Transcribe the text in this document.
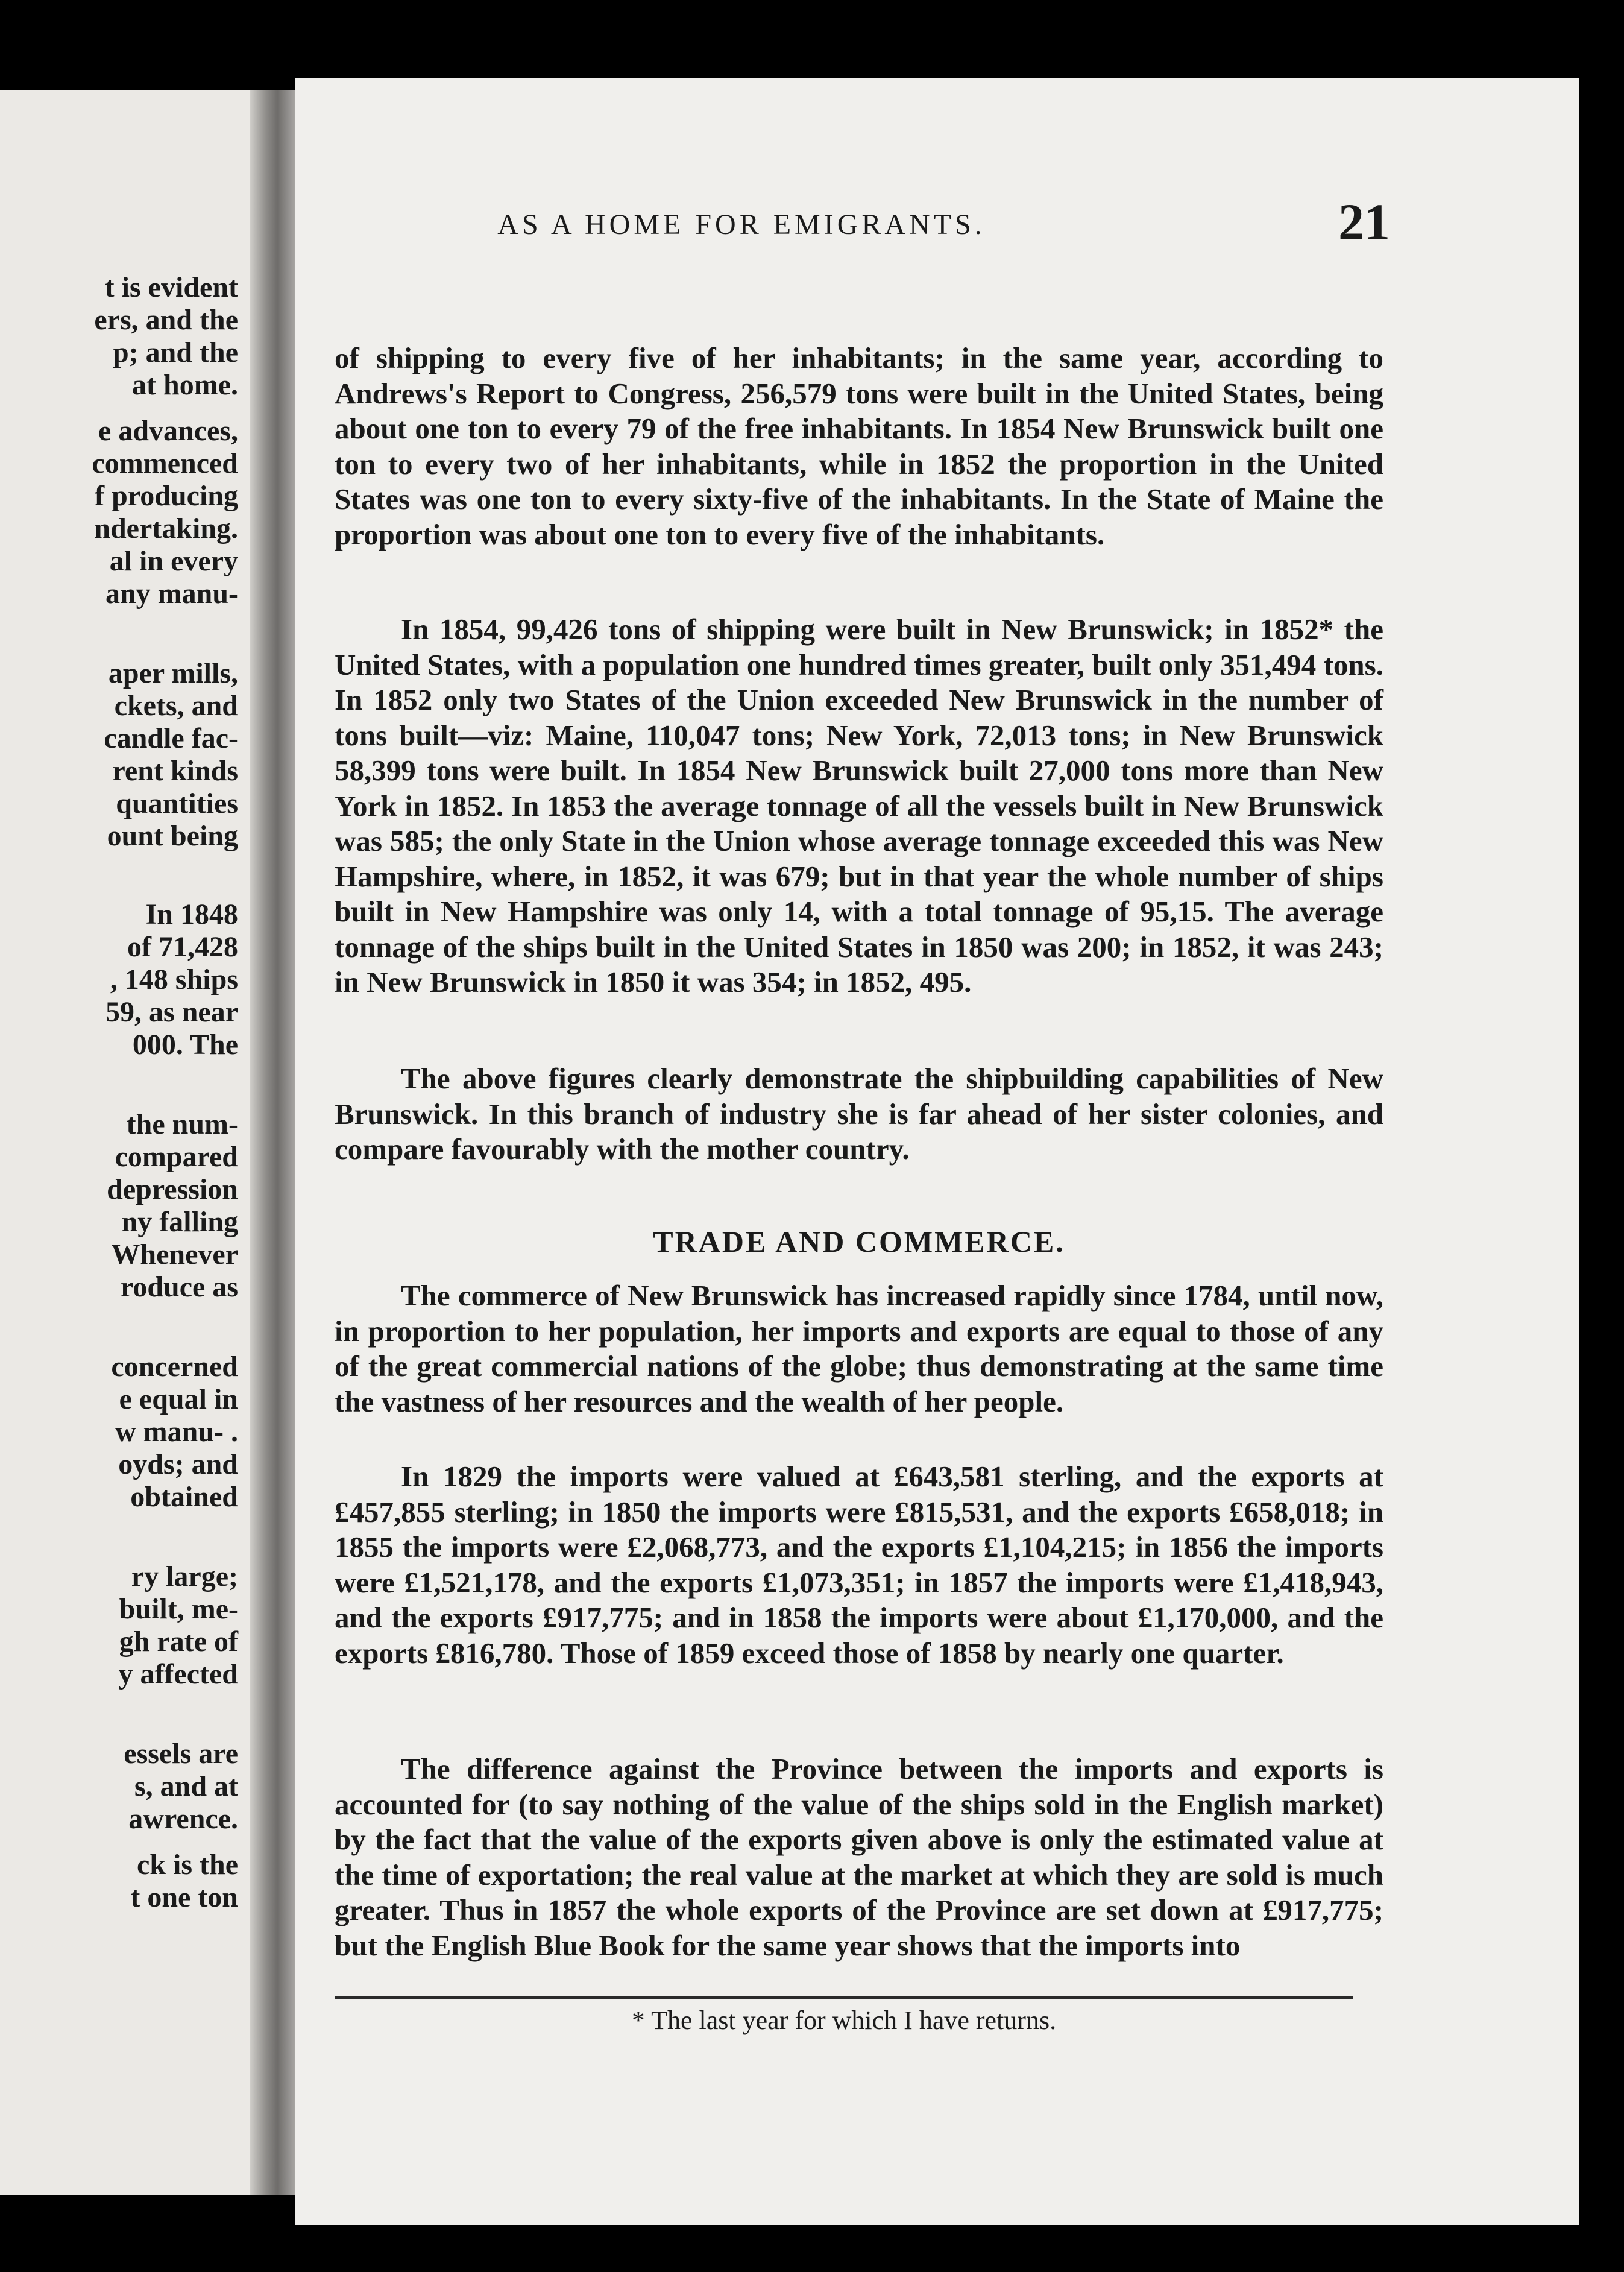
t is evident
ers, and the
p; and the
at home.
e advances,
commenced
f producing
ndertaking.
al in every
any manu-
aper mills,
ckets, and
candle fac-
rent kinds
quantities
ount being
In 1848
of 71,428
, 148 ships
59, as near
000. The
the num-
compared
depression
ny falling
Whenever
roduce as
concerned
e equal in
w manu- .
oyds; and
obtained
ry large;
built, me-
gh rate of
y affected
essels are
s, and at
awrence.
ck is the
t one ton
AS A HOME FOR EMIGRANTS.	21

of shipping to every five of her inhabitants; in the same year, according to Andrews's Report to Congress, 256,579 tons were built in the United States, being about one ton to every 79 of the free inhabitants. In 1854 New Brunswick built one ton to every two of her inhabitants, while in 1852 the proportion in the United States was one ton to every sixty-five of the inhabitants. In the State of Maine the proportion was about one ton to every five of the inhabitants.

In 1854, 99,426 tons of shipping were built in New Brunswick; in 1852* the United States, with a population one hundred times greater, built only 351,494 tons. In 1852 only two States of the Union exceeded New Brunswick in the number of tons built—viz: Maine, 110,047 tons; New York, 72,013 tons; in New Brunswick 58,399 tons were built. In 1854 New Brunswick built 27,000 tons more than New York in 1852. In 1853 the average tonnage of all the vessels built in New Brunswick was 585; the only State in the Union whose average tonnage exceeded this was New Hampshire, where, in 1852, it was 679; but in that year the whole number of ships built in New Hampshire was only 14, with a total tonnage of 95,15. The average tonnage of the ships built in the United States in 1850 was 200; in 1852, it was 243; in New Brunswick in 1850 it was 354; in 1852, 495.

The above figures clearly demonstrate the shipbuilding capabilities of New Brunswick. In this branch of industry she is far ahead of her sister colonies, and compare favourably with the mother country.

TRADE AND COMMERCE.

The commerce of New Brunswick has increased rapidly since 1784, until now, in proportion to her population, her imports and exports are equal to those of any of the great commercial nations of the globe; thus demonstrating at the same time the vastness of her resources and the wealth of her people.

In 1829 the imports were valued at £643,581 sterling, and the exports at £457,855 sterling; in 1850 the imports were £815,531, and the exports £658,018; in 1855 the imports were £2,068,773, and the exports £1,104,215; in 1856 the imports were £1,521,178, and the exports £1,073,351; in 1857 the imports were £1,418,943, and the exports £917,775; and in 1858 the imports were about £1,170,000, and the exports £816,780. Those of 1859 exceed those of 1858 by nearly one quarter.

The difference against the Province between the imports and exports is accounted for (to say nothing of the value of the ships sold in the English market) by the fact that the value of the exports given above is only the estimated value at the time of exportation; the real value at the market at which they are sold is much greater. Thus in 1857 the whole exports of the Province are set down at £917,775; but the English Blue Book for the same year shows that the imports into

* The last year for which I have returns.
